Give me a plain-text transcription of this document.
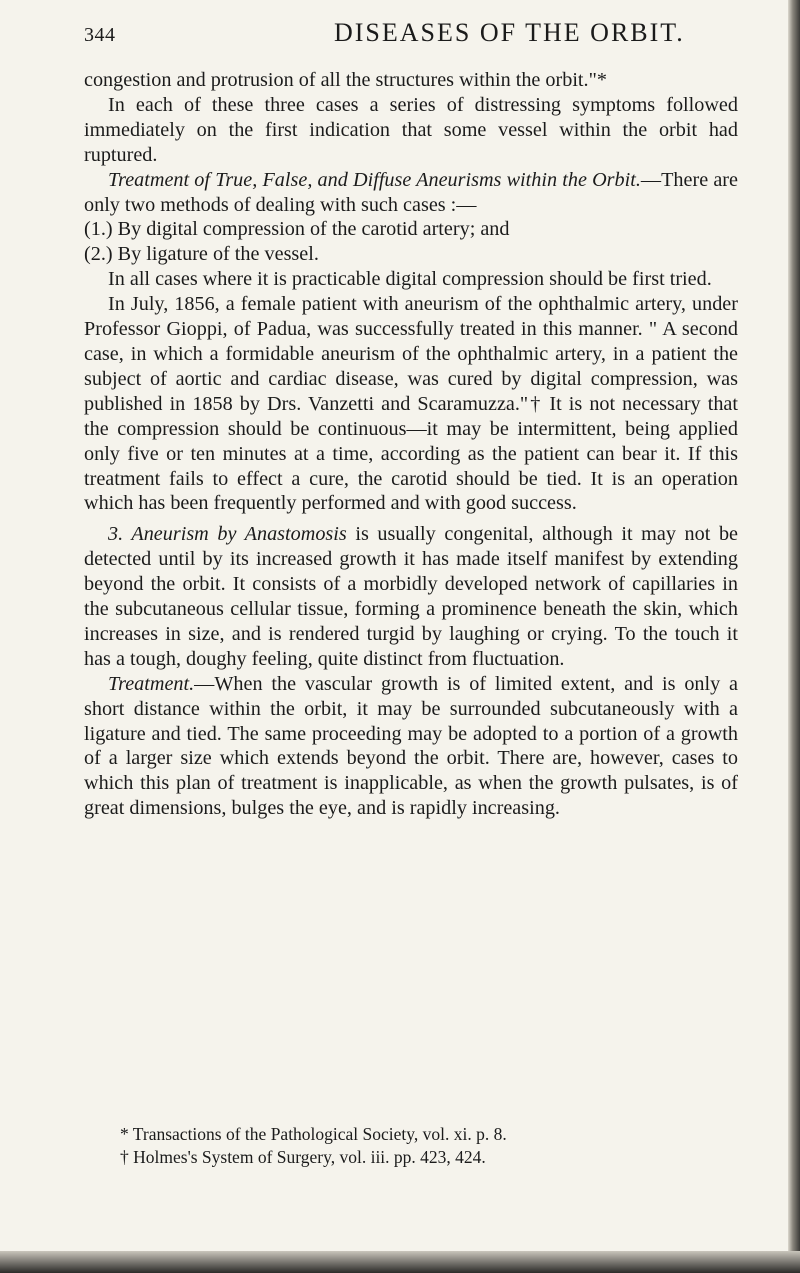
344	DISEASES OF THE ORBIT.

congestion and protrusion of all the structures within the orbit."*

In each of these three cases a series of distressing symptoms followed immediately on the first indication that some vessel within the orbit had ruptured.

Treatment of True, False, and Diffuse Aneurisms within the Orbit.—There are only two methods of dealing with such cases :—

(1.) By digital compression of the carotid artery; and

(2.) By ligature of the vessel.

In all cases where it is practicable digital compression should be first tried.

In July, 1856, a female patient with aneurism of the ophthalmic artery, under Professor Gioppi, of Padua, was successfully treated in this manner. " A second case, in which a formidable aneurism of the ophthalmic artery, in a patient the subject of aortic and cardiac disease, was cured by digital compression, was published in 1858 by Drs. Vanzetti and Scaramuzza."† It is not necessary that the compression should be continuous—it may be intermittent, being applied only five or ten minutes at a time, according as the patient can bear it. If this treatment fails to effect a cure, the carotid should be tied. It is an operation which has been frequently performed and with good success.

3. Aneurism by Anastomosis is usually congenital, although it may not be detected until by its increased growth it has made itself manifest by extending beyond the orbit. It consists of a morbidly developed network of capillaries in the subcutaneous cellular tissue, forming a prominence beneath the skin, which increases in size, and is rendered turgid by laughing or crying. To the touch it has a tough, doughy feeling, quite distinct from fluctuation.

Treatment.—When the vascular growth is of limited extent, and is only a short distance within the orbit, it may be surrounded subcutaneously with a ligature and tied. The same proceeding may be adopted to a portion of a growth of a larger size which extends beyond the orbit. There are, however, cases to which this plan of treatment is inapplicable, as when the growth pulsates, is of great dimensions, bulges the eye, and is rapidly increasing.

* Transactions of the Pathological Society, vol. xi. p. 8.

† Holmes's System of Surgery, vol. iii. pp. 423, 424.
